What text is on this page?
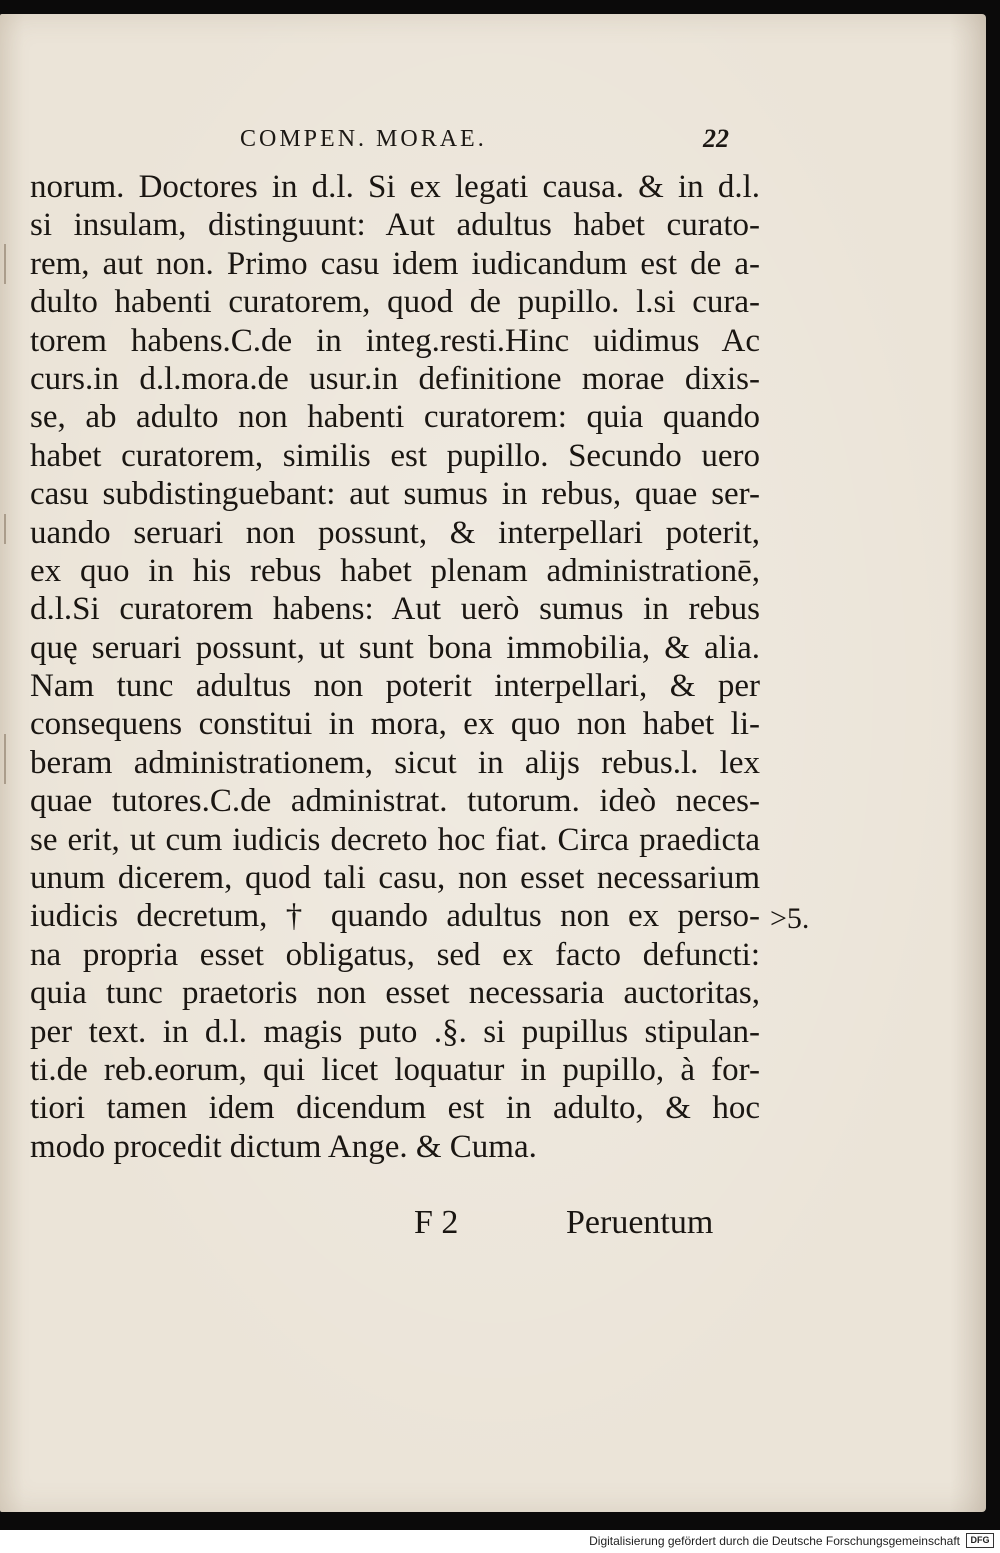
COMPEN. MORAE.	22
norum. Doctores in d.l. Si ex legati causa. & in d.l.
si insulam, distinguunt: Aut adultus habet curato-
rem, aut non. Primo casu idem iudicandum est de a-
dulto habenti curatorem, quod de pupillo. l.si cura-
torem habens.C.de in integ.resti.Hinc uidimus Ac
curs.in d.l.mora.de usur.in definitione morae dixis-
se, ab adulto non habenti curatorem: quia quando
habet curatorem, similis est pupillo. Secundo uero
casu subdistinguebant: aut sumus in rebus, quae ser-
uando seruari non possunt, & interpellari poterit,
ex quo in his rebus habet plenam administrationē,
d.l.Si curatorem habens: Aut uerò sumus in rebus
quę seruari possunt, ut sunt bona immobilia, & alia.
Nam tunc adultus non poterit interpellari, & per
consequens constitui in mora, ex quo non habet li-
beram administrationem, sicut in alijs rebus.l. lex
quae tutores.C.de administrat. tutorum. ideò neces-
se erit, ut cum iudicis decreto hoc fiat. Circa praedicta
unum dicerem, quod tali casu, non esset necessarium
iudicis decretum, † quando adultus non ex perso-
na propria esset obligatus, sed ex facto defuncti:
quia tunc praetoris non esset necessaria auctoritas,
per text. in d.l. magis puto .§. si pupillus stipulan-
ti.de reb.eorum, qui licet loquatur in pupillo, à for-
tiori tamen idem dicendum est in adulto, & hoc
modo procedit dictum Ange. & Cuma.
>5.
F 2	Peruentum
Digitalisierung gefördert durch die Deutsche Forschungsgemeinschaft	DFG
